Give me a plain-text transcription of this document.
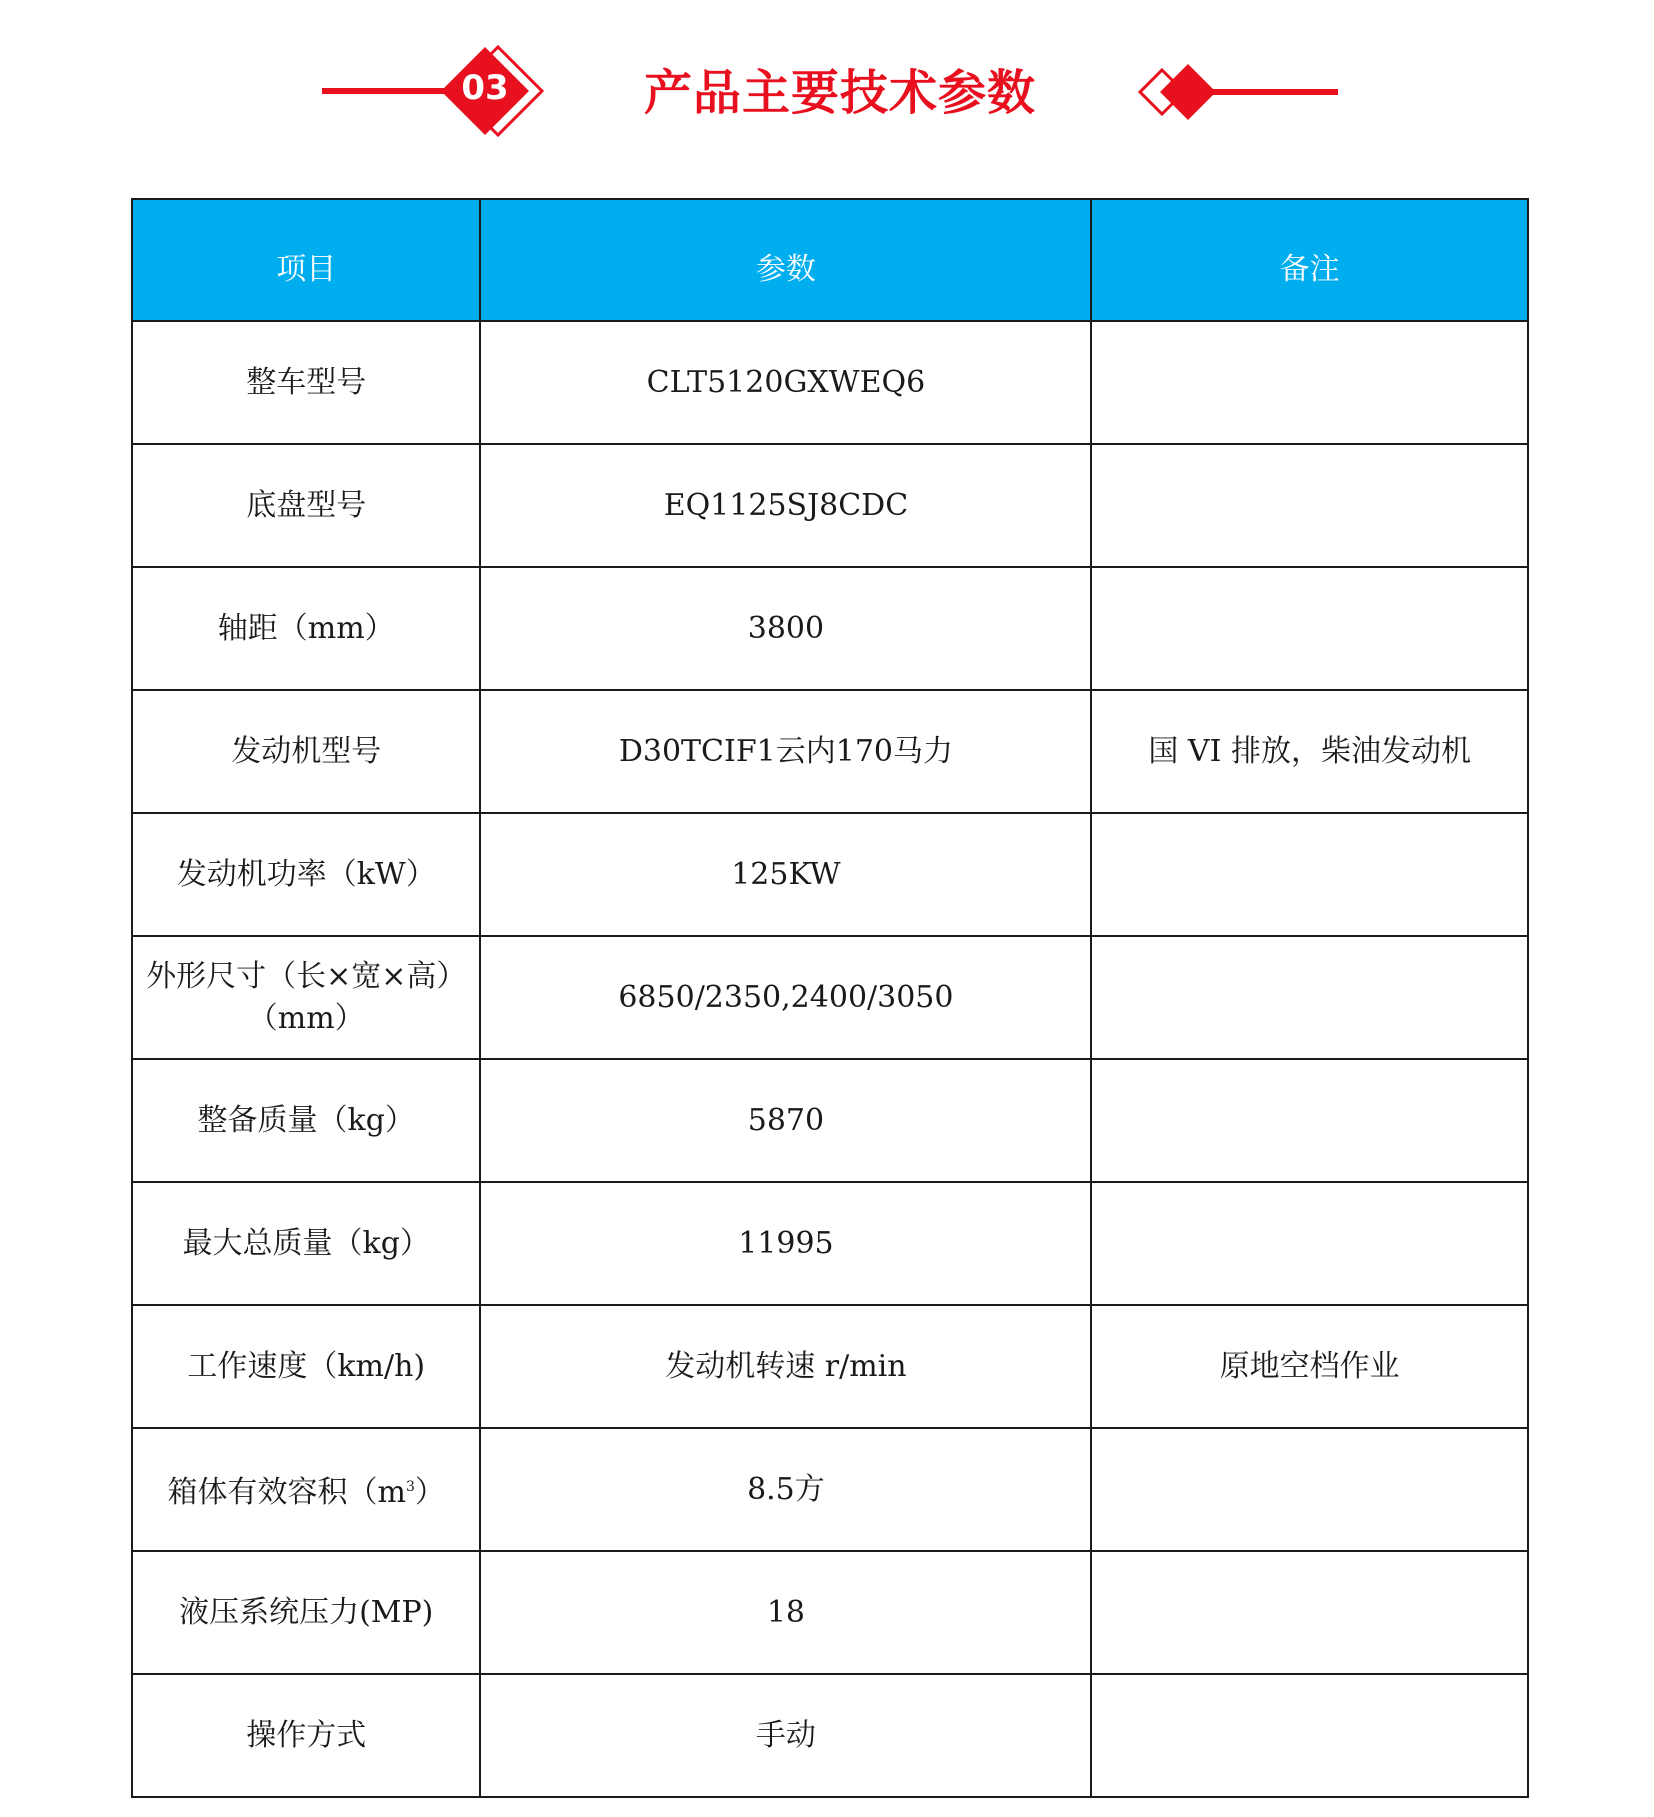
03	产品主要技术参数
项目	参数	备注
整车型号	CLT5120GXWEQ6	
底盘型号	EQ1125SJ8CDC	
轴距（mm）	3800	
发动机型号	D30TCIF1云内170马力	国 VI 排放，柴油发动机
发动机功率（kW）	125KW	
外形尺寸（长×宽×高）（mm）	6850/2350,2400/3050	
整备质量（kg）	5870	
最大总质量（kg）	11995	
工作速度（km/h)	发动机转速 r/min	原地空档作业
箱体有效容积$(m^3)$	8.5方	
液压系统压力(MP)	18	
操作方式	手动	
